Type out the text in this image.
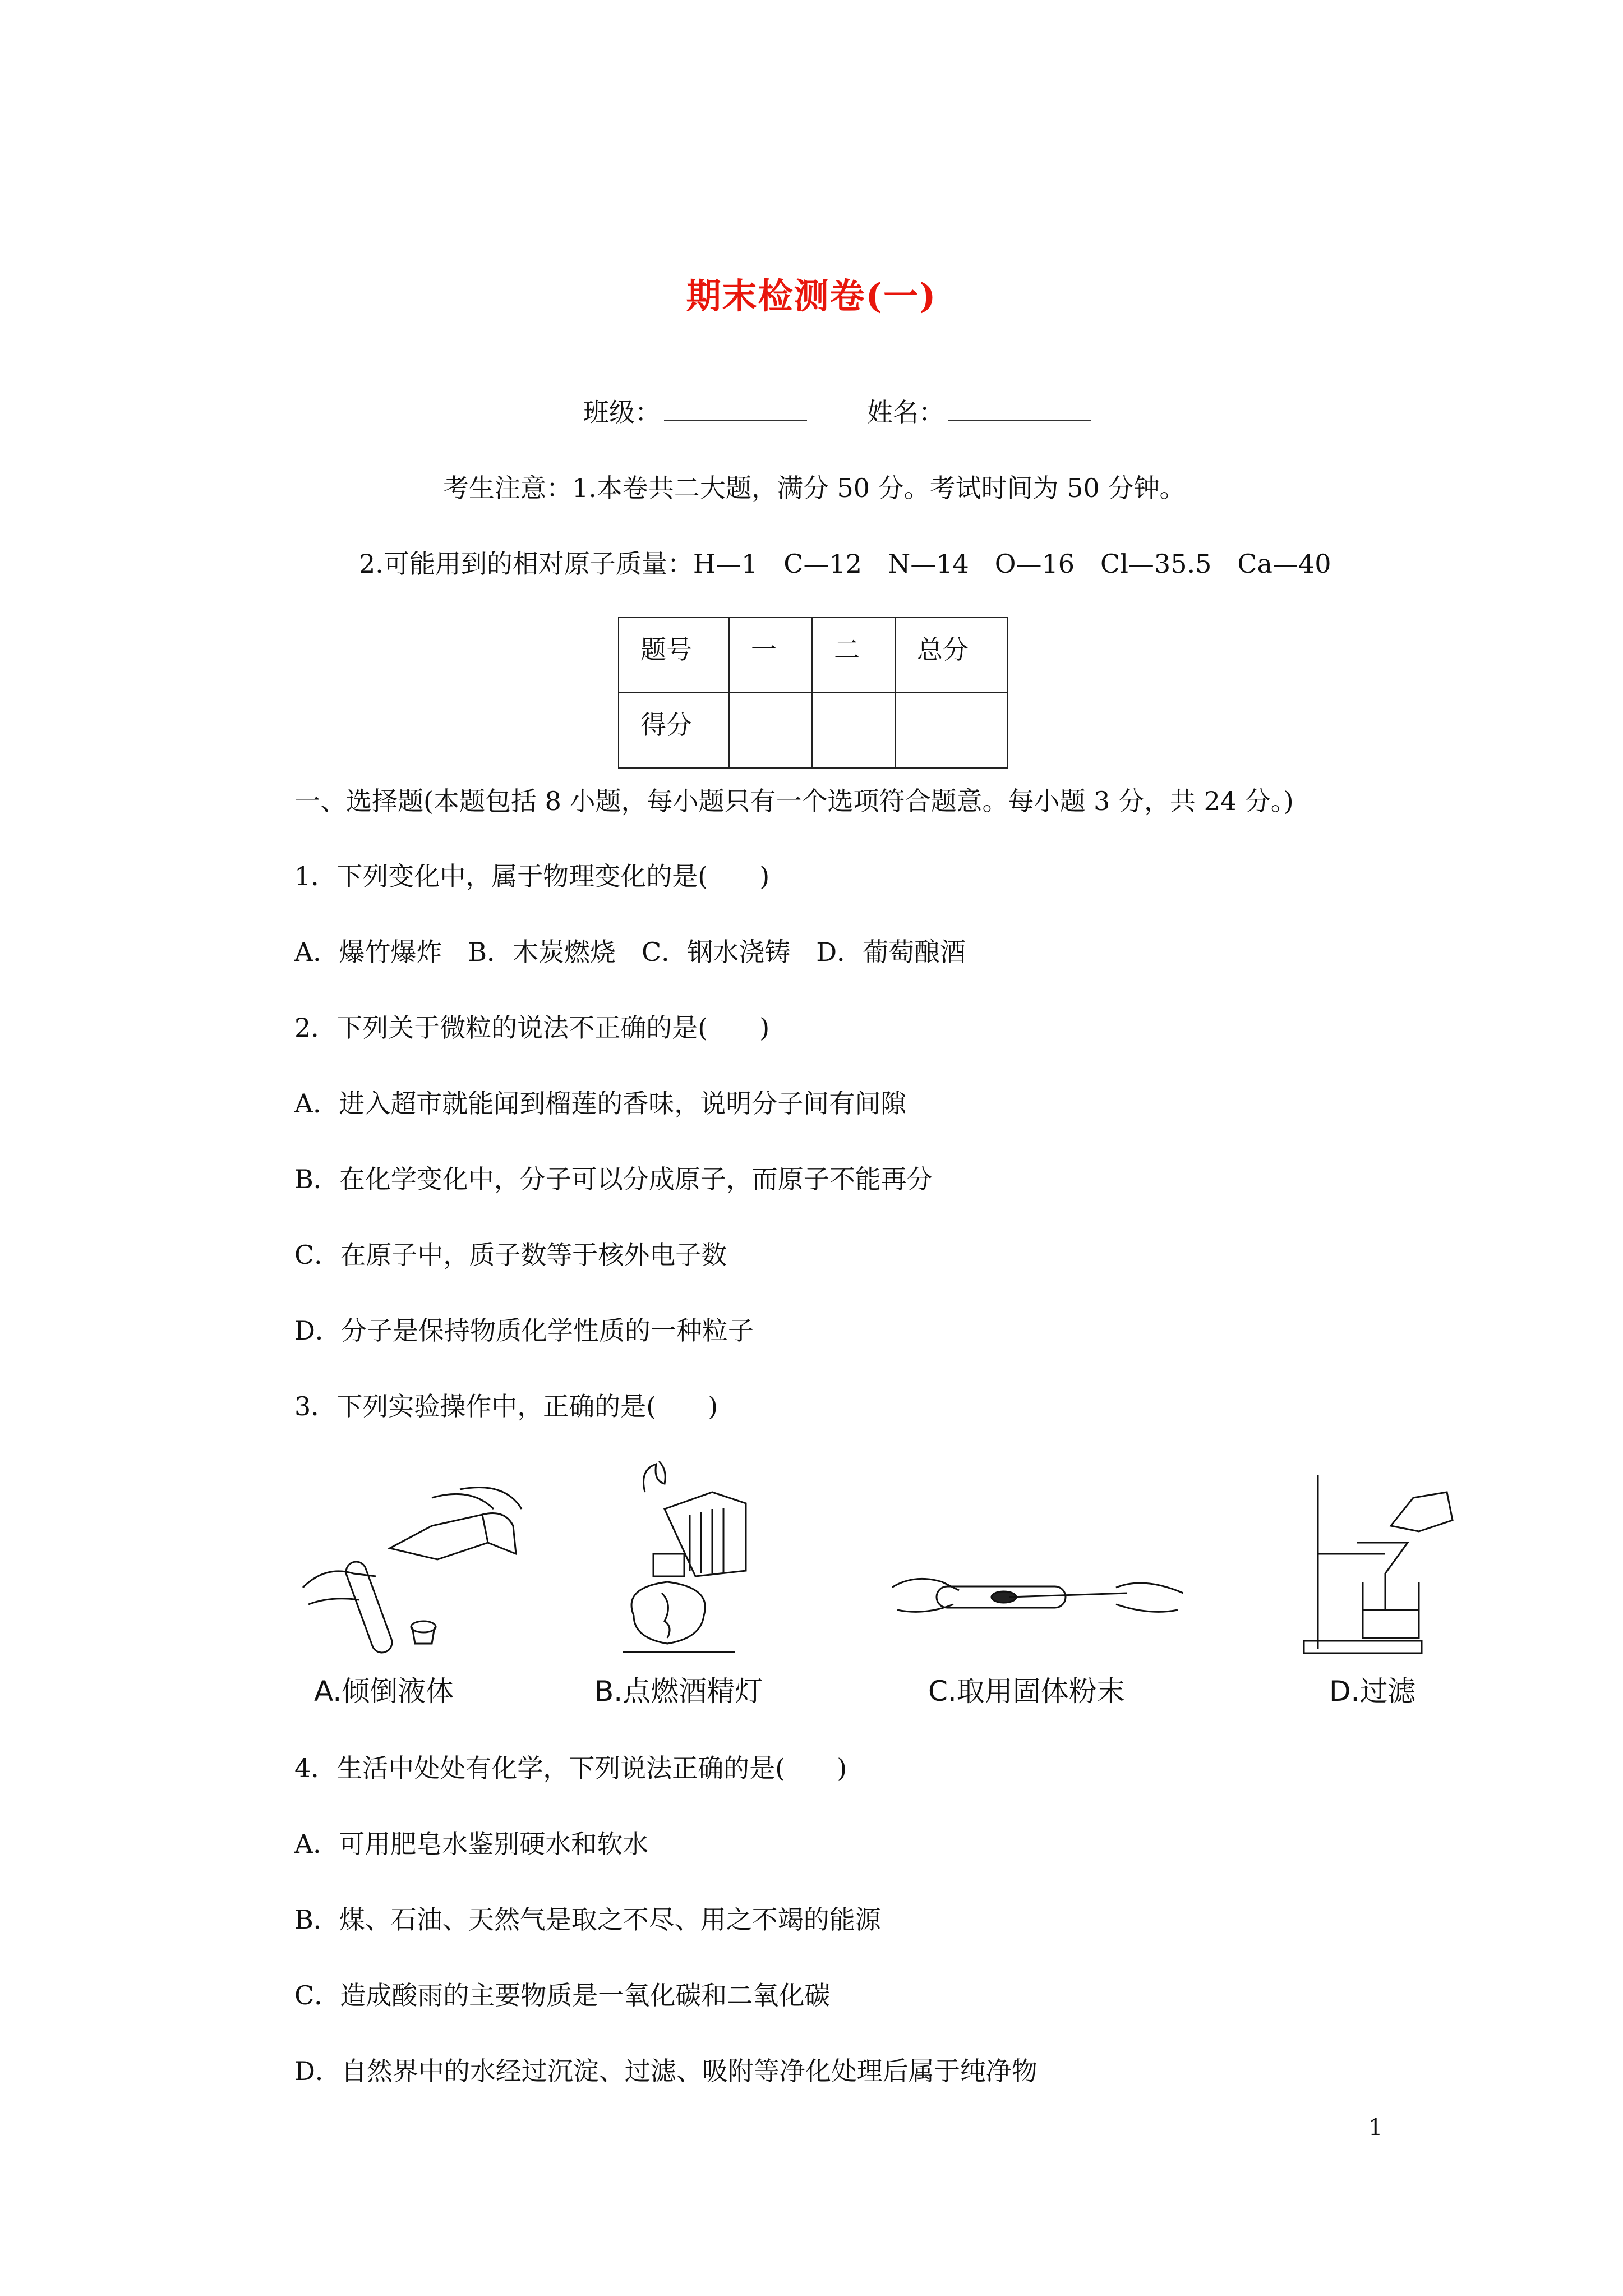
期末检测卷(一)
班级：	姓名：
考生注意：1.本卷共二大题，满分 50 分。考试时间为 50 分钟。
2.可能用到的相对原子质量：H—1　C—12　N—14　O—16　Cl—35.5　Ca—40
题号	一	二	总分
得分			
一、选择题(本题包括 8 小题，每小题只有一个选项符合题意。每小题 3 分，共 24 分。)
1．下列变化中，属于物理变化的是(　　)
A．爆竹爆炸　B．木炭燃烧　C．钢水浇铸　D．葡萄酿酒
2．下列关于微粒的说法不正确的是(　　)
A．进入超市就能闻到榴莲的香味，说明分子间有间隙
B．在化学变化中，分子可以分成原子，而原子不能再分
C．在原子中，质子数等于核外电子数
D．分子是保持物质化学性质的一种粒子
3．下列实验操作中，正确的是(　　)
A.倾倒液体	B.点燃酒精灯	C.取用固体粉末	D.过滤
4．生活中处处有化学，下列说法正确的是(　　)
A．可用肥皂水鉴别硬水和软水
B．煤、石油、天然气是取之不尽、用之不竭的能源
C．造成酸雨的主要物质是一氧化碳和二氧化碳
D．自然界中的水经过沉淀、过滤、吸附等净化处理后属于纯净物
1
